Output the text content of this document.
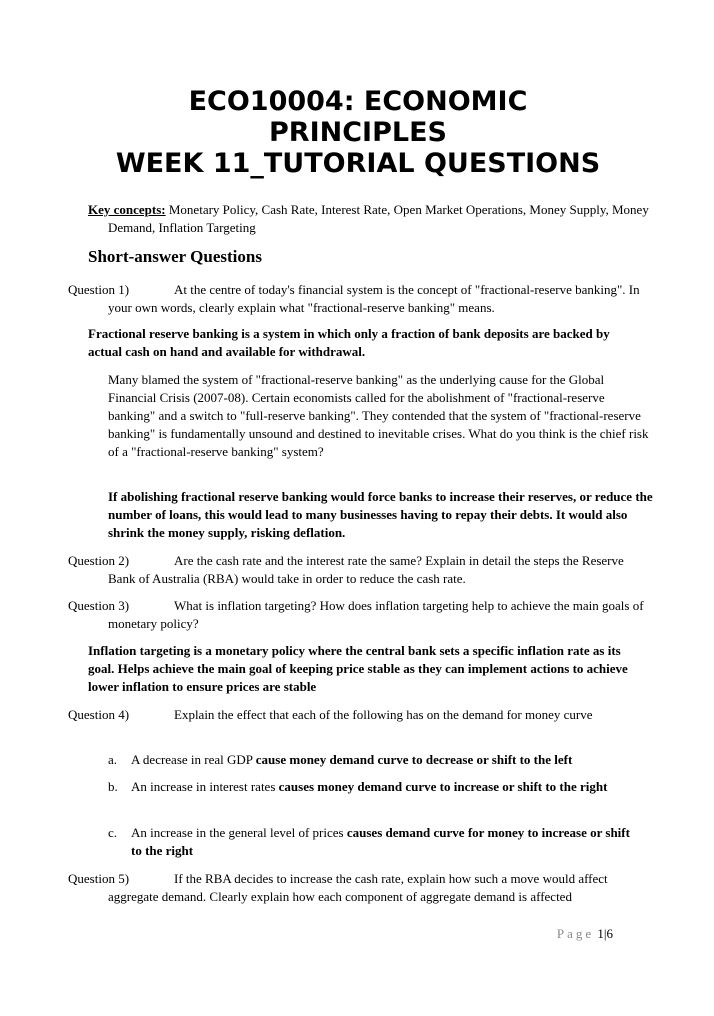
ECO10004: ECONOMIC
PRINCIPLES
WEEK 11_TUTORIAL QUESTIONS
Key concepts: Monetary Policy, Cash Rate, Interest Rate, Open Market Operations, Money Supply, Money Demand, Inflation Targeting
Short-answer Questions
Question 1)	At the centre of today's financial system is the concept of "fractional-reserve banking". In your own words, clearly explain what "fractional-reserve banking" means.
Fractional reserve banking is a system in which only a fraction of bank deposits are backed by actual cash on hand and available for withdrawal.
Many blamed the system of "fractional-reserve banking" as the underlying cause for the Global Financial Crisis (2007-08). Certain economists called for the abolishment of "fractional-reserve banking" and a switch to "full-reserve banking". They contended that the system of "fractional-reserve banking" is fundamentally unsound and destined to inevitable crises. What do you think is the chief risk of a "fractional-reserve banking" system?
If abolishing fractional reserve banking would force banks to increase their reserves, or reduce the number of loans, this would lead to many businesses having to repay their debts. It would also shrink the money supply, risking deflation.
Question 2)	Are the cash rate and the interest rate the same? Explain in detail the steps the Reserve Bank of Australia (RBA) would take in order to reduce the cash rate.
Question 3)	What is inflation targeting? How does inflation targeting help to achieve the main goals of monetary policy?
Inflation targeting is a monetary policy where the central bank sets a specific inflation rate as its goal. Helps achieve the main goal of keeping price stable as they can implement actions to achieve lower inflation to ensure prices are stable
Question 4)	Explain the effect that each of the following has on the demand for money curve
a.	A decrease in real GDP cause money demand curve to decrease or shift to the left
b.	An increase in interest rates causes money demand curve to increase or shift to the right
c.	An increase in the general level of prices causes demand curve for money to increase or shift to the right
Question 5)	If the RBA decides to increase the cash rate, explain how such a move would affect aggregate demand. Clearly explain how each component of aggregate demand is affected
Page 1|6
